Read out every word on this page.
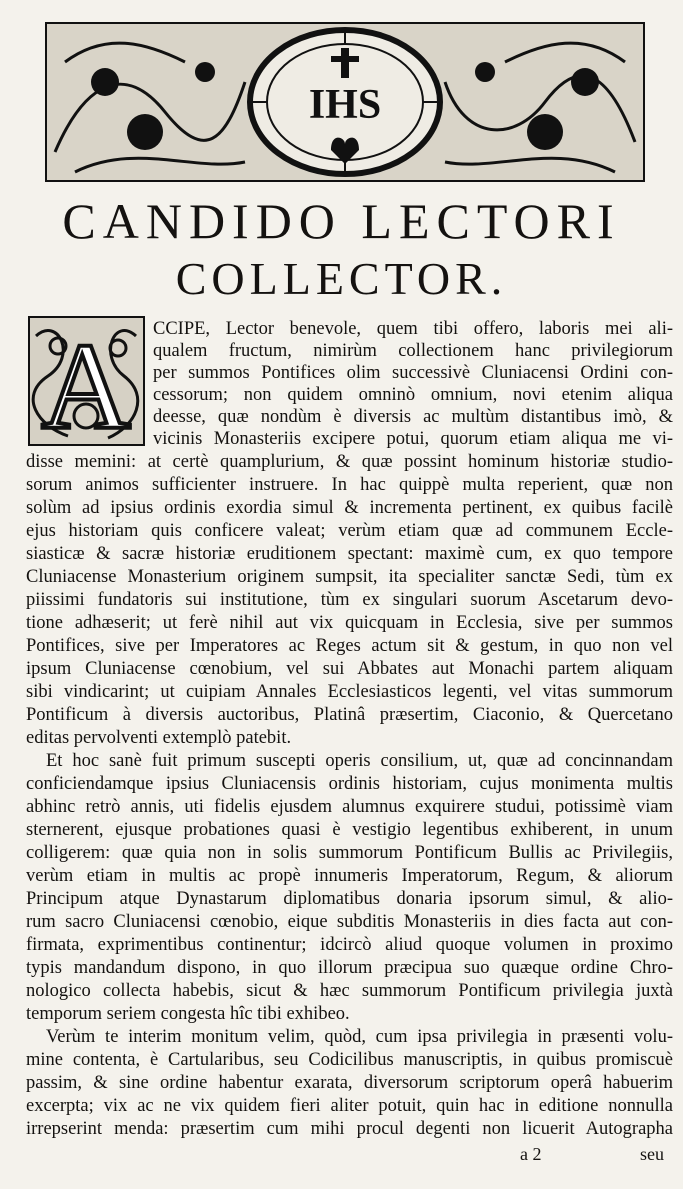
IHS
CANDIDO LECTORI
COLLECTOR.
A CCIPE, Lector benevole, quem tibi offero, laboris mei ali-
qualem fructum, nimirùm collectionem hanc privilegiorum
per summos Pontifices olim successivè Cluniacensi Ordini con-
cessorum; non quidem omninò omnium, novi etenim aliqua
deesse, quæ nondùm è diversis ac multùm distantibus imò, &
vicinis Monasteriis excipere potui, quorum etiam aliqua me vi-
disse memini: at certè quamplurium, & quæ possint hominum historiæ studio-
sorum animos sufficienter instruere. In hac quippè multa reperient, quæ non
solùm ad ipsius ordinis exordia simul & incrementa pertinent, ex quibus facilè
ejus historiam quis conficere valeat; verùm etiam quæ ad communem Eccle-
siasticæ & sacræ historiæ eruditionem spectant: maximè cum, ex quo tempore
Cluniacense Monasterium originem sumpsit, ita specialiter sanctæ Sedi, tùm ex
piissimi fundatoris sui institutione, tùm ex singulari suorum Ascetarum devo-
tione adhæserit; ut ferè nihil aut vix quicquam in Ecclesia, sive per summos
Pontifices, sive per Imperatores ac Reges actum sit & gestum, in quo non vel
ipsum Cluniacense cœnobium, vel sui Abbates aut Monachi partem aliquam
sibi vindicarint; ut cuipiam Annales Ecclesiasticos legenti, vel vitas summorum
Pontificum à diversis auctoribus, Platinâ præsertim, Ciaconio, & Quercetano
editas pervolventi extemplò patebit.
Et hoc sanè fuit primum suscepti operis consilium, ut, quæ ad concinnandam
conficiendamque ipsius Cluniacensis ordinis historiam, cujus monimenta multis
abhinc retrò annis, uti fidelis ejusdem alumnus exquirere studui, potissimè viam
sternerent, ejusque probationes quasi è vestigio legentibus exhiberent, in unum
colligerem: quæ quia non in solis summorum Pontificum Bullis ac Privilegiis,
verùm etiam in multis ac propè innumeris Imperatorum, Regum, & aliorum
Principum atque Dynastarum diplomatibus donaria ipsorum simul, & alio-
rum sacro Cluniacensi cœnobio, eique subditis Monasteriis in dies facta aut con-
firmata, exprimentibus continentur; idcircò aliud quoque volumen in proximo
typis mandandum dispono, in quo illorum præcipua suo quæque ordine Chro-
nologico collecta habebis, sicut & hæc summorum Pontificum privilegia juxtà
temporum seriem congesta hîc tibi exhibeo.
Verùm te interim monitum velim, quòd, cum ipsa privilegia in præsenti volu-
mine contenta, è Cartularibus, seu Codicilibus manuscriptis, in quibus promiscuè
passim, & sine ordine habentur exarata, diversorum scriptorum operâ habuerim
excerpta; vix ac ne vix quidem fieri aliter potuit, quin hac in editione nonnulla
irrepserint menda: præsertim cum mihi procul degenti non licuerit Autographa
a 2	seu
